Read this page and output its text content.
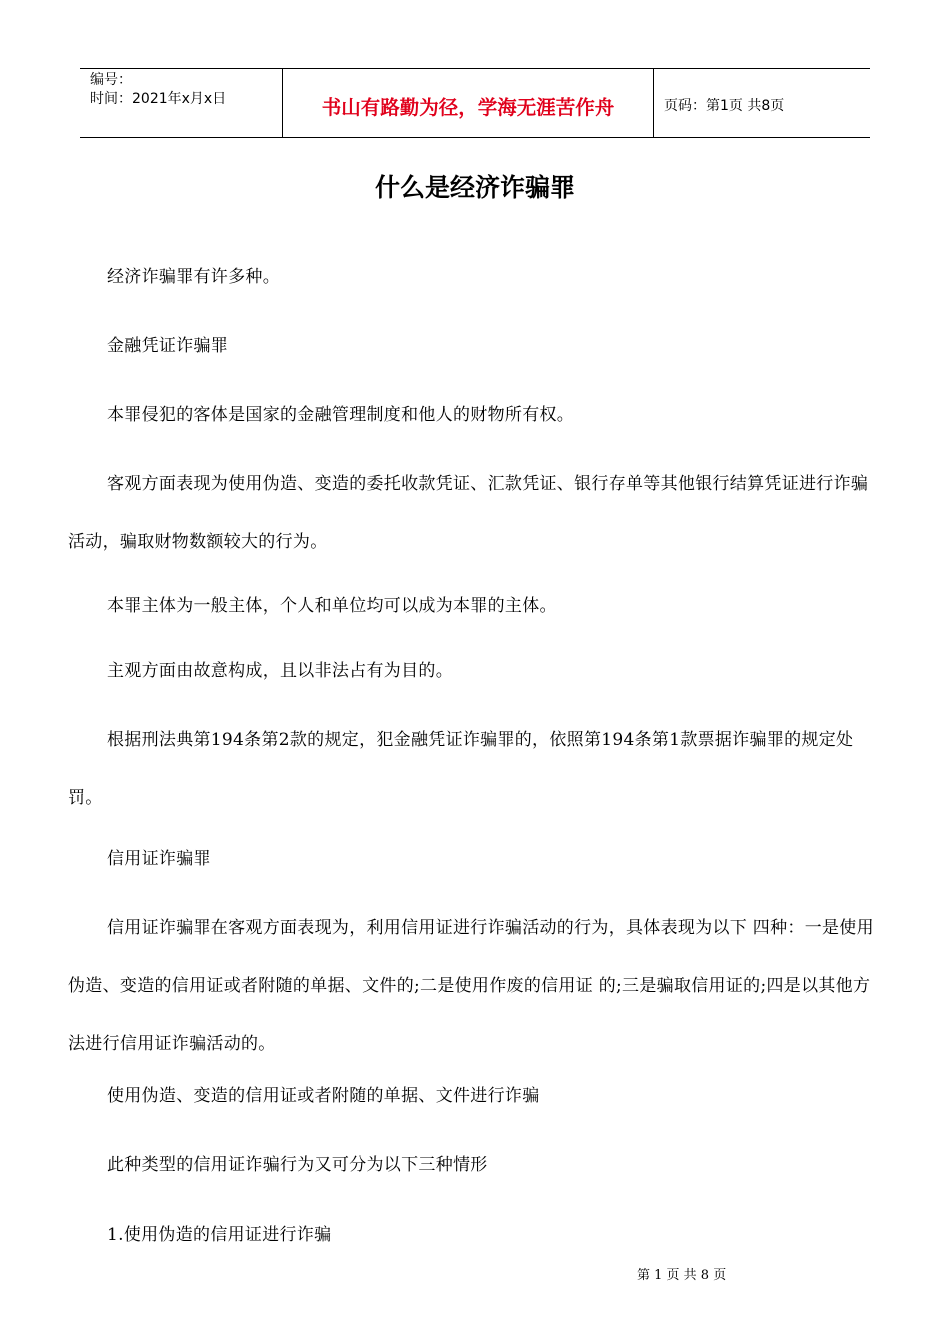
编号：
时间：2021年x月x日	书山有路勤为径，学海无涯苦作舟	页码：第1页 共8页
什么是经济诈骗罪

经济诈骗罪有许多种。

金融凭证诈骗罪

本罪侵犯的客体是国家的金融管理制度和他人的财物所有权。

客观方面表现为使用伪造、变造的委托收款凭证、汇款凭证、银行存单等其他银行结算凭证进行诈骗活动，骗取财物数额较大的行为。

本罪主体为一般主体，个人和单位均可以成为本罪的主体。

主观方面由故意构成，且以非法占有为目的。

根据刑法典第194条第2款的规定，犯金融凭证诈骗罪的，依照第194条第1款票据诈骗罪的规定处罚。

信用证诈骗罪

信用证诈骗罪在客观方面表现为，利用信用证进行诈骗活动的行为，具体表现为以下 四种：一是使用伪造、变造的信用证或者附随的单据、文件的;二是使用作废的信用证 的;三是骗取信用证的;四是以其他方法进行信用证诈骗活动的。

使用伪造、变造的信用证或者附随的单据、文件进行诈骗

此种类型的信用证诈骗行为又可分为以下三种情形

1.使用伪造的信用证进行诈骗

第 1 页 共 8 页
